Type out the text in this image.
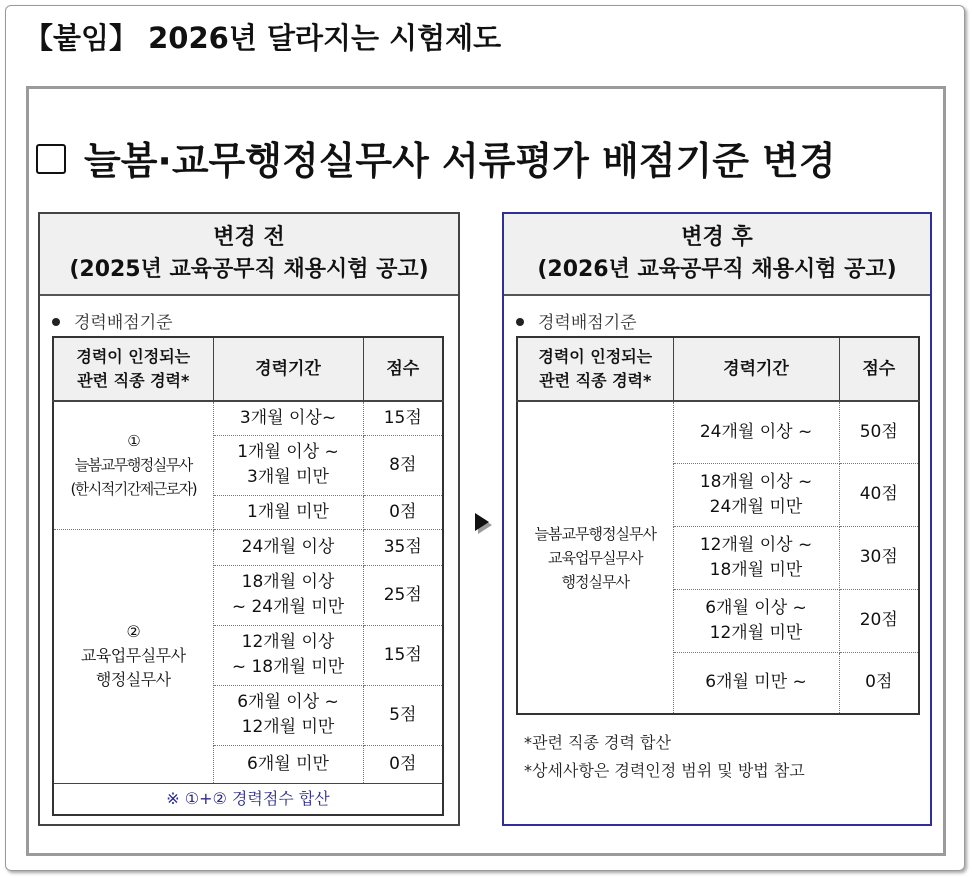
【붙임】 2026년 달라지는 시험제도
늘봄·교무행정실무사 서류평가 배점기준 변경
변경 전
(2025년 교육공무직 채용시험 공고)
경력배점기준
경력이 인정되는
관련 직종 경력*	경력기간	점수

①
늘봄교무행정실무사
(한시적기간제근로자)	3개월 이상~	15점

	1개월 이상 ~
3개월 미만	8점

	1개월 미만	0점

②
교육업무실무사
행정실무사	24개월 이상	35점

	18개월 이상
~ 24개월 미만	25점

	12개월 이상
~ 18개월 미만	15점

	6개월 이상 ~
12개월 미만	5점

	6개월 미만	0점
※ ①+② 경력점수 합산		
변경 후
(2026년 교육공무직 채용시험 공고)
경력배점기준
경력이 인정되는
관련 직종 경력*	경력기간	점수

늘봄교무행정실무사
교육업무실무사
행정실무사	24개월 이상 ~	50점

	18개월 이상 ~
24개월 미만	40점

	12개월 이상 ~
18개월 미만	30점

	6개월 이상 ~
12개월 미만	20점

	6개월 미만 ~	0점
*관련 직종 경력 합산
*상세사항은 경력인정 범위 및 방법 참고
